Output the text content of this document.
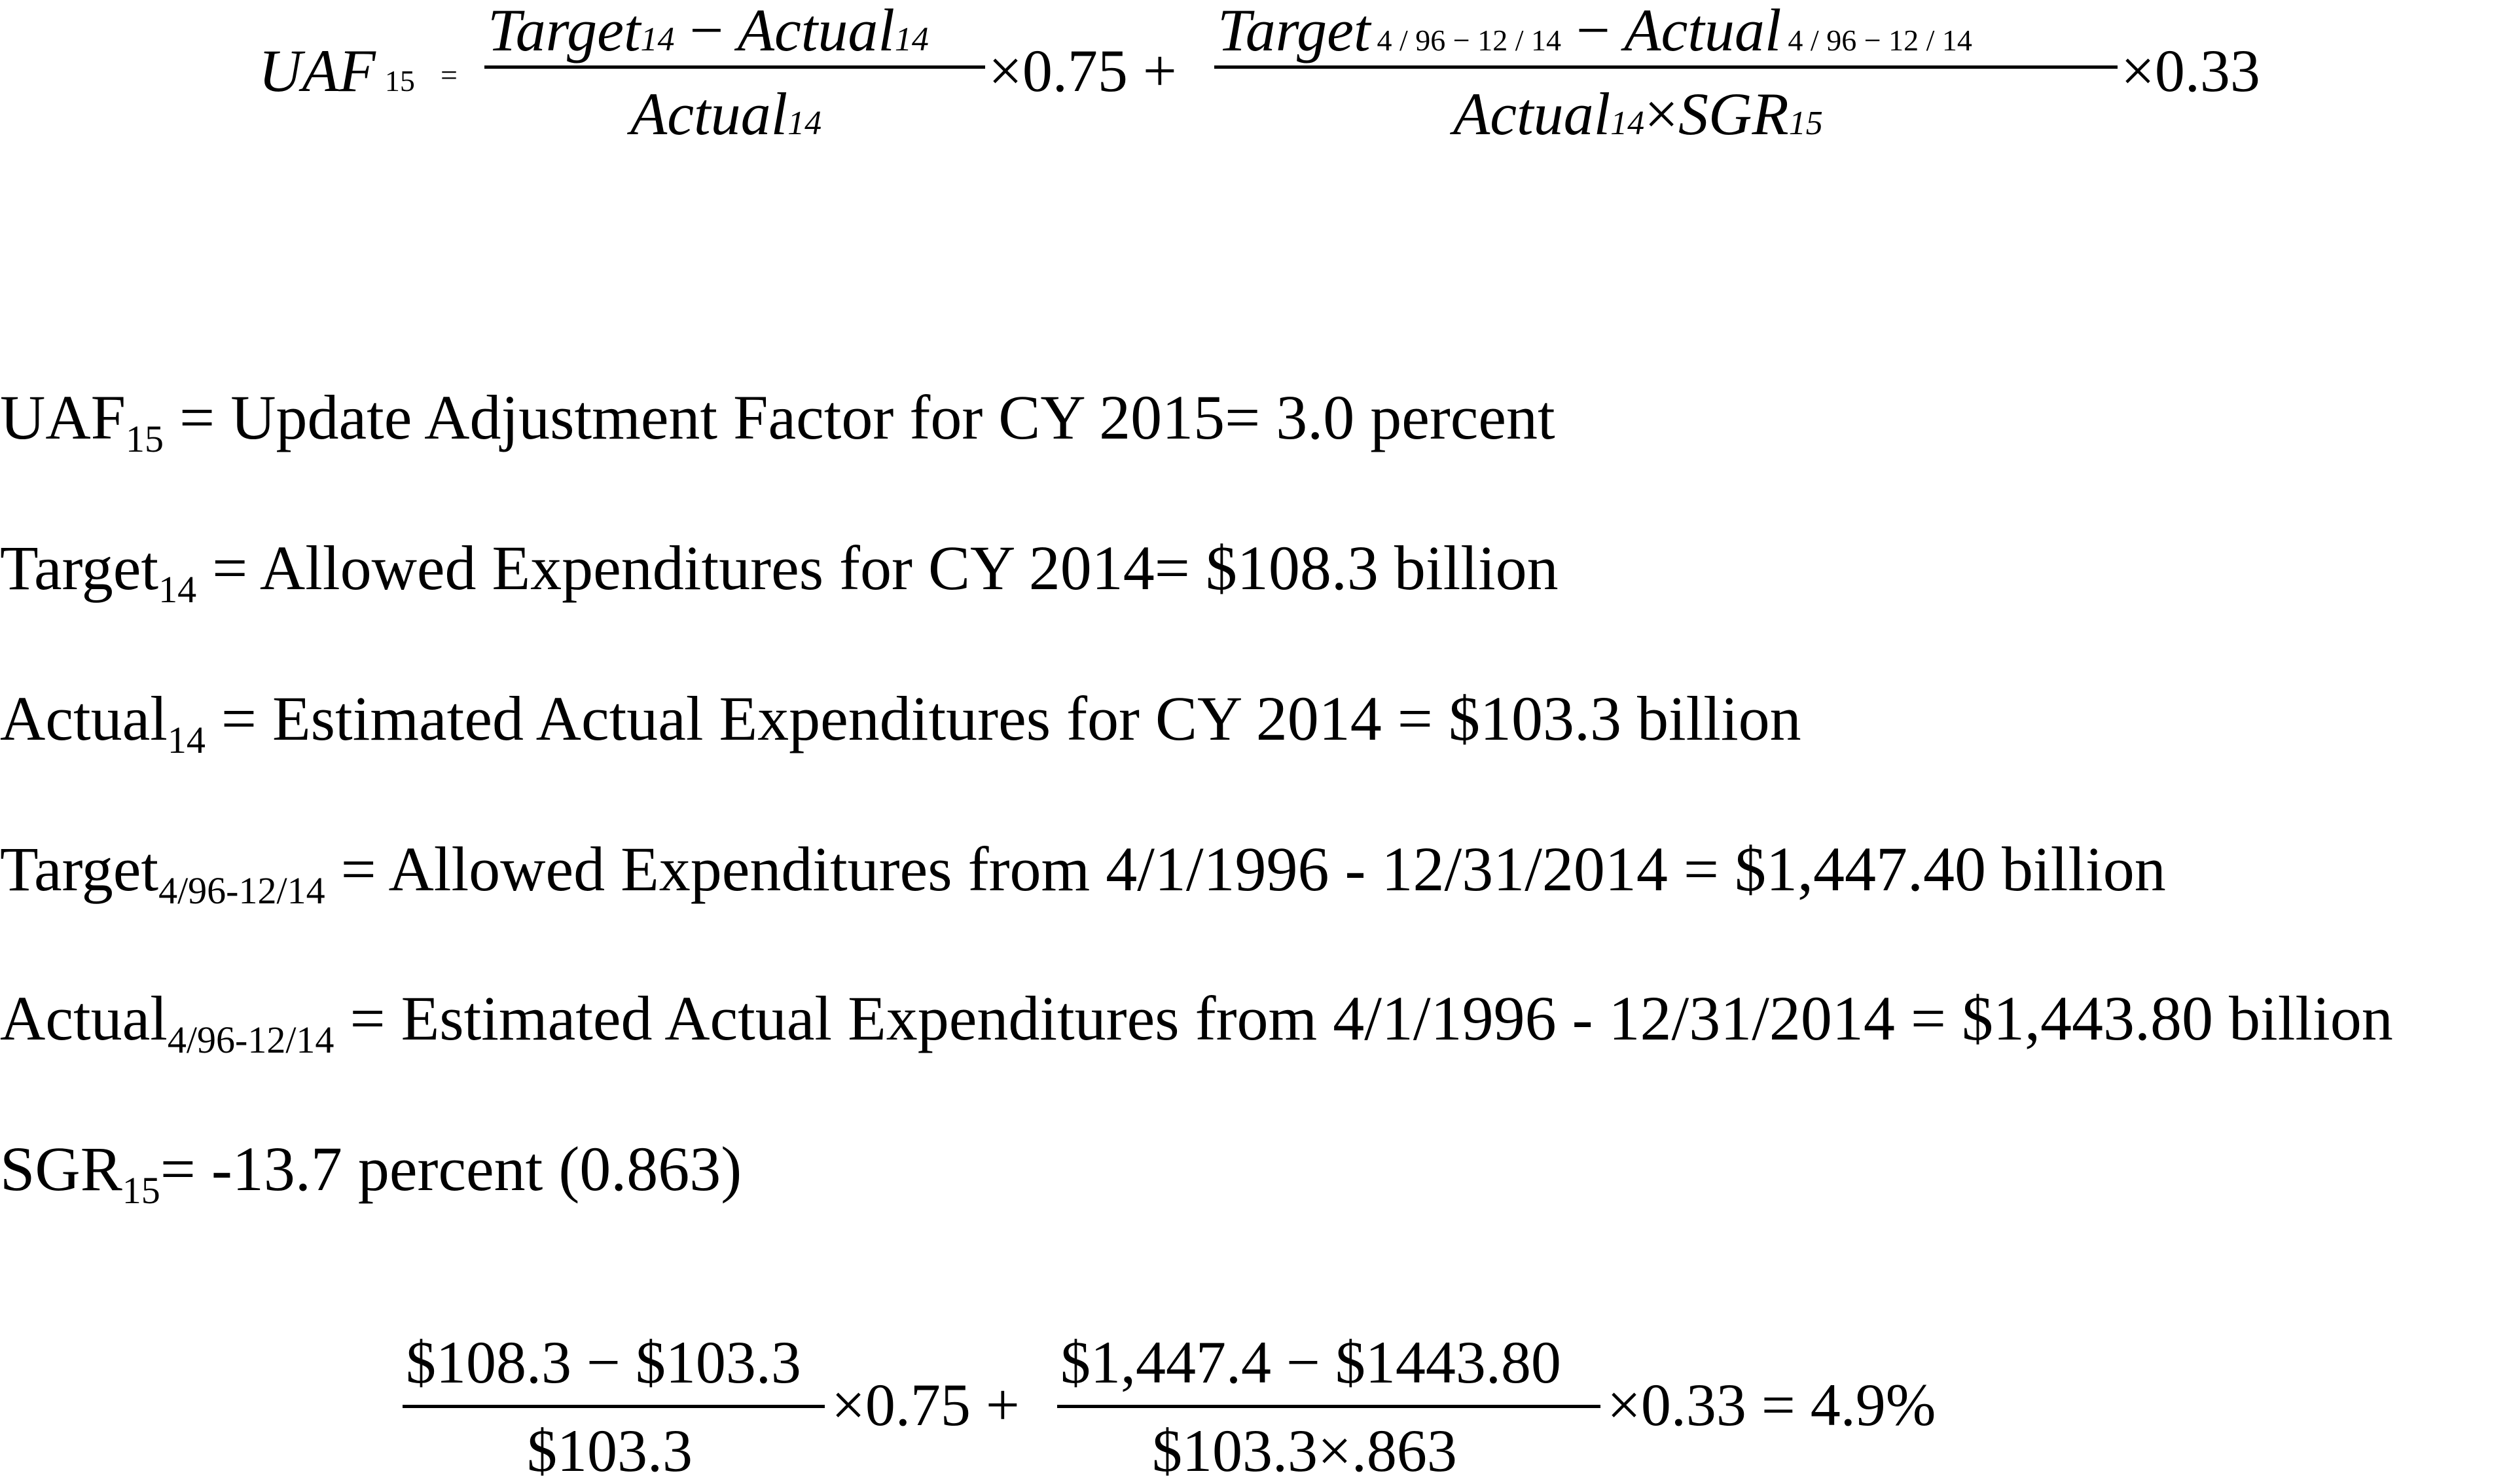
UAF 15 =
Target14 − Actual14
Actual14
×0.75 +
Target 4 / 96 − 12 / 14 − Actual 4 / 96 − 12 / 14
Actual14×SGR15
×0.33
$UAF_{15}$ = Update Adjustment Factor for CY 2015= 3.0 percent
Target$_{14}$ = Allowed Expenditures for CY 2014= $108.3 billion
Actual$_{14}$ = Estimated Actual Expenditures for CY 2014 = $103.3 billion
Target$_{4/96-12/14}$ = Allowed Expenditures from 4/1/1996 - 12/31/2014 = $1,447.40 billion
Actual$_{4/96-12/14}$ = Estimated Actual Expenditures from 4/1/1996 - 12/31/2014 = $1,443.80 billion
$SGR_{15}= -13.7$ percent (0.863)
$108.3 − $103.3
$103.3
×0.75 +
$1,447.4 − $1443.80
$103.3×.863
×0.33 = 4.9%
